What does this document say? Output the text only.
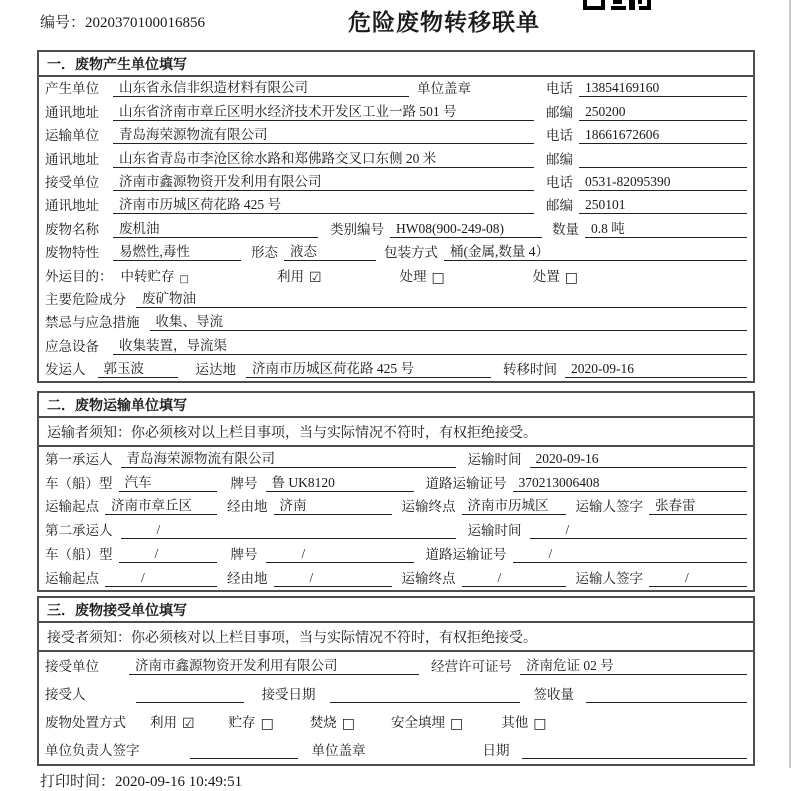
编号：2020370100016856	危险废物转移联单
一．废物产生单位填写
产生单位	山东省永信非织造材料有限公司	单位盖章	电话 13854169160
通讯地址	山东省济南市章丘区明水经济技术开发区工业一路 501 号	邮编 250200
运输单位	青岛海荣源物流有限公司	电话 18661672606
通讯地址	山东省青岛市李沧区徐水路和郑佛路交叉口东侧 20 米	邮编
接受单位	济南市鑫源物资开发利用有限公司	电话 0531-82095390
通讯地址	济南市历城区荷花路 425 号	邮编 250101
废物名称	废机油	类别编号 HW08(900-249-08)	数量 0.8 吨
废物特性	易燃性,毒性	形态 液态	包装方式 桶(金属,数量 4）
外运目的： 中转贮存 □	利用 ☑	处理 □	处置 □
主要危险成分	废矿物油
禁忌与应急措施	收集、导流
应急设备	收集装置，导流渠
发运人	郭玉波	运达地	济南市历城区荷花路 425 号	转移时间	2020-09-16
二．废物运输单位填写
运输者须知：你必须核对以上栏目事项，当与实际情况不符时，有权拒绝接受。
第一承运人	青岛海荣源物流有限公司	运输时间	2020-09-16
车（船）型 汽车	牌号	鲁 UK8120	道路运输证号 370213006408
运输起点 济南市章丘区	经由地 济南	运输终点 济南市历城区	运输人签字 张春雷
第二承运人	/	运输时间	/
车（船）型	/	牌号	/	道路运输证号	/
运输起点	/	经由地	/	运输终点	/	运输人签字	/
三．废物接受单位填写
接受者须知：你必须核对以上栏目事项，当与实际情况不符时，有权拒绝接受。
接受单位	济南市鑫源物资开发利用有限公司	经营许可证号	济南危证 02 号
接受人	接受日期	签收量
废物处置方式 利用 ☑	贮存 □	焚烧 □	安全填埋 □	其他 □
单位负责人签字	单位盖章	日期
打印时间：2020-09-16 10:49:51
